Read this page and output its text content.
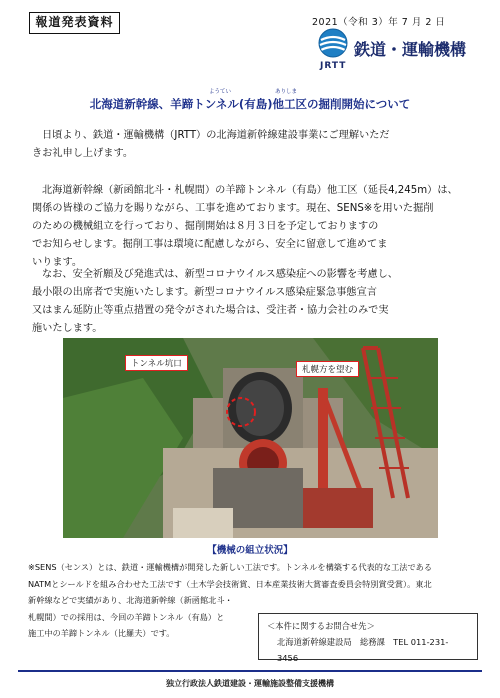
報道発表資料	2021（令和 3）年 7 月 2 日
鉄道・運輸機構
JRTT
ようてい	ありしま
北海道新幹線、羊蹄トンネル(有島)他工区の掘削開始について
日頃より、鉄道・運輸機構（JRTT）の北海道新幹線建設事業にご理解いただ
きお礼申し上げます。
北海道新幹線（新函館北斗・札幌間）の羊蹄トンネル（有島）他工区（延長4,245m）は、
関係の皆様のご協力を賜りながら、工事を進めております。現在、SENS※を用いた掘削
のための機械組立を行っており、掘削開始は８月３日を予定しておりますの
でお知らせします。掘削工事は環境に配慮しながら、安全に留意して進めてま
いります。
なお、安全祈願及び発進式は、新型コロナウイルス感染症への影響を考慮し、
最小限の出席者で実施いたします。新型コロナウイルス感染症緊急事態宣言
又はまん延防止等重点措置の発令がされた場合は、受注者・協力会社のみで実
施いたします。
トンネル坑口
札幌方を望む
【機械の組立状況】
※SENS（センス）とは、鉄道・運輸機構が開発した新しい工法です。トンネルを構築する代表的な工法である
NATMとシールドを組み合わせた工法です（土木学会技術賞、日本産業技術大賞審査委員会特別賞受賞）。東北
新幹線などで実績があり、北海道新幹線（新函館北斗・
札幌間）での採用は、今回の羊蹄トンネル（有島）と
施工中の羊蹄トンネル（比羅夫）です。
＜本件に関するお問合せ先＞
北海道新幹線建設局　総務課　TEL 011-231-3456
独立行政法人鉄道建設・運輸施設整備支援機構
